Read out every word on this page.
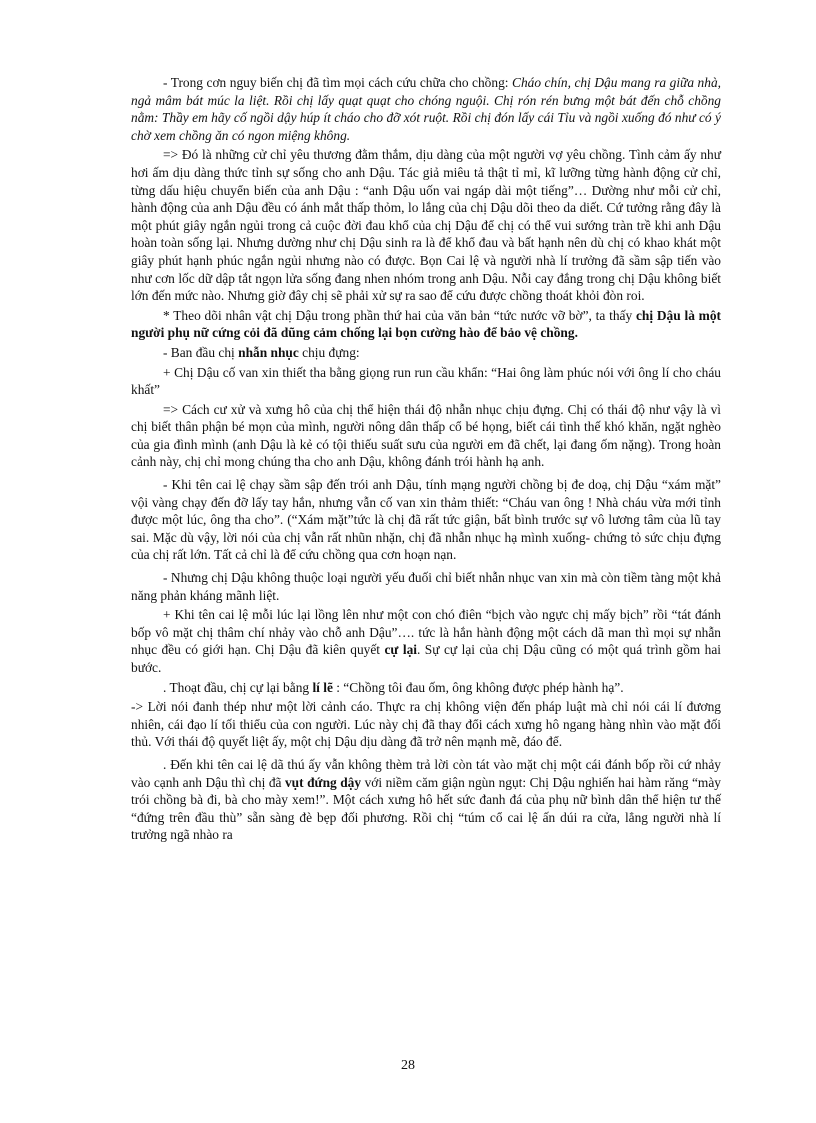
- Trong cơn nguy biến chị đã tìm mọi cách cứu chữa cho chồng: Cháo chín, chị Dậu mang ra giữa nhà, ngả mâm bát múc la liệt. Rồi chị lấy quạt quạt cho chóng nguội. Chị rón rén bưng một bát đến chỗ chồng nằm: Thầy em hãy cố ngồi dậy húp ít cháo cho đỡ xót ruột. Rồi chị đón lấy cái Tỉu và ngồi xuống đó như có ý chờ xem chồng ăn có ngon miệng không.

=> Đó là những cử chỉ yêu thương đằm thắm, dịu dàng của một người vợ yêu chồng. Tình cảm ấy như hơi ấm dịu dàng thức tỉnh sự sống cho anh Dậu. Tác giả miêu tả thật tỉ mỉ, kĩ lưỡng từng hành động cử chỉ, từng dấu hiệu chuyển biến của anh Dậu : “anh Dậu uốn vai ngáp dài một tiếng”… Dường như mỗi cử chỉ, hành động của anh Dậu đều có ánh mắt thấp thỏm, lo lắng của chị Dậu dõi theo da diết. Cứ tưởng rằng đây là một phút giây ngắn ngủi trong cả cuộc đời đau khổ của chị Dậu để chị có thể vui sướng tràn trề khi anh Dậu hoàn toàn sống lại. Nhưng dường như chị Dậu sinh ra là để khổ đau và bất hạnh nên dù chị có khao khát một giây phút hạnh phúc ngắn ngủi nhưng nào có được. Bọn Cai lệ và người nhà lí trưởng đã sầm sập tiến vào như cơn lốc dữ dập tắt ngọn lửa sống đang nhen nhóm trong anh Dậu. Nỗi cay đắng trong chị Dậu không biết lớn đến mức nào. Nhưng giờ đây chị sẽ phải xử sự ra sao để cứu được chồng thoát khỏi đòn roi.

* Theo dõi nhân vật chị Dậu trong phần thứ hai của văn bản “tức nước vỡ bờ”, ta thấy chị Dậu là một người phụ nữ cứng cỏi đã dũng cảm chống lại bọn cường hào để bảo vệ chồng.

- Ban đầu chị nhẫn nhục chịu đựng:

+ Chị Dậu cố van xin thiết tha bằng giọng run run cầu khẩn: “Hai ông làm phúc nói với ông lí cho cháu khất”

=> Cách cư xử và xưng hô của chị thể hiện thái độ nhẫn nhục chịu đựng. Chị có thái độ như vậy là vì chị biết thân phận bé mọn của mình, người nông dân thấp cổ bé họng, biết cái tình thế khó khăn, ngặt nghèo của gia đình mình (anh Dậu là kẻ có tội thiếu suất sưu của người em đã chết, lại đang ốm nặng). Trong hoàn cảnh này, chị chỉ mong chúng tha cho anh Dậu, không đánh trói hành hạ anh.

- Khi tên cai lệ chạy sầm sập đến trói anh Dậu, tính mạng người chồng bị đe doạ, chị Dậu “xám mặt” vội vàng chạy đến đỡ lấy tay hắn, nhưng vẫn cố van xin thảm thiết: “Cháu van ông ! Nhà cháu vừa mới tỉnh được một lúc, ông tha cho”. (“Xám mặt”tức là chị đã rất tức giận, bất bình trước sự vô lương tâm của lũ tay sai. Mặc dù vậy, lời nói của chị vẫn rất nhũn nhặn, chị đã nhẫn nhục hạ mình xuống- chứng tỏ sức chịu đựng của chị rất lớn. Tất cả chỉ là để cứu chồng qua cơn hoạn nạn.

- Nhưng chị Dậu không thuộc loại người yếu đuối chỉ biết nhẫn nhục van xin mà còn tiềm tàng một khả năng phản kháng mãnh liệt.

+ Khi tên cai lệ mỗi lúc lại lồng lên như một con chó điên “bịch vào ngực chị mấy bịch” rồi “tát đánh bốp vô mặt chị thâm chí nhảy vào chỗ anh Dậu”…. tức là hắn hành động một cách dã man thì mọi sự nhẫn nhục đều có giới hạn. Chị Dậu đã kiên quyết cự lại. Sự cự lại của chị Dậu cũng có một quá trình gồm hai bước.

. Thoạt đầu, chị cự lại bằng lí lẽ : “Chồng tôi đau ốm, ông không được phép hành hạ”.

-> Lời nói đanh thép như một lời cảnh cáo. Thực ra chị không viện đến pháp luật mà chỉ nói cái lí đương nhiên, cái đạo lí tối thiểu của con người. Lúc này chị đã thay đổi cách xưng hô ngang hàng nhìn vào mặt đối thủ. Với thái độ quyết liệt ấy, một chị Dậu dịu dàng đã trở nên mạnh mẽ, đáo để.

. Đến khi tên cai lệ dã thú ấy vẫn không thèm trả lời còn tát vào mặt chị một cái đánh bốp rồi cứ nhảy vào cạnh anh Dậu thì chị đã vụt đứng dậy với niềm căm giận ngùn ngụt: Chị Dậu nghiến hai hàm răng “mày trói chồng bà đi, bà cho mày xem!”. Một cách xưng hô hết sức đanh đá của phụ nữ bình dân thể hiện tư thế “đứng trên đầu thù” sẵn sàng đè bẹp đối phương. Rồi chị “túm cổ cai lệ ấn dúi ra cửa, lẳng người nhà lí trưởng ngã nhào ra

28
